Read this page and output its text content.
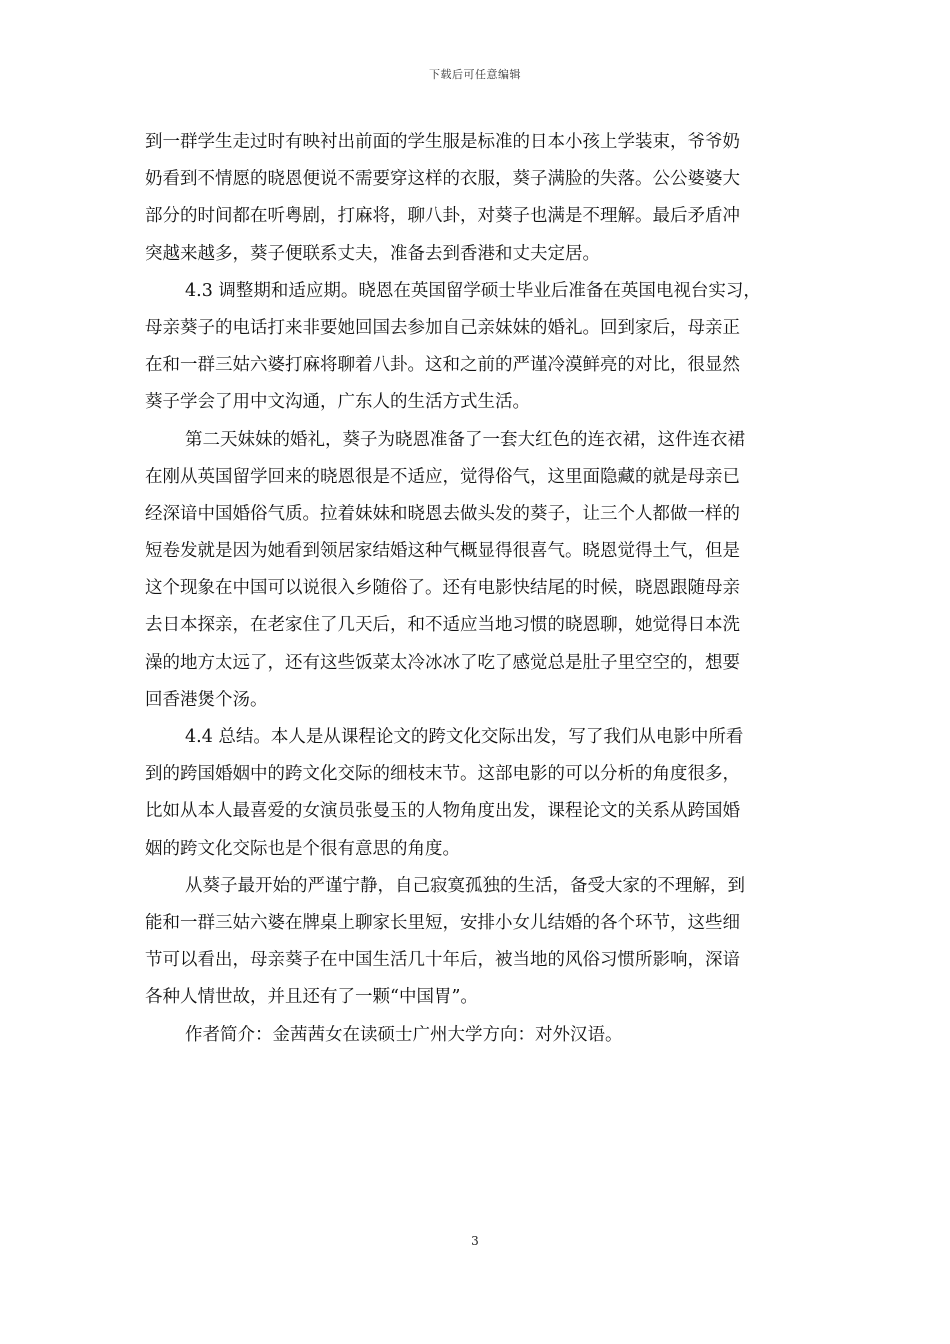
下载后可任意编辑
到一群学生走过时有映衬出前面的学生服是标准的日本小孩上学装束，爷爷奶
奶看到不情愿的晓恩便说不需要穿这样的衣服，葵子满脸的失落。公公婆婆大
部分的时间都在听粤剧，打麻将，聊八卦，对葵子也满是不理解。最后矛盾冲
突越来越多，葵子便联系丈夫，准备去到香港和丈夫定居。
4.3 调整期和适应期。晓恩在英国留学硕士毕业后准备在英国电视台实习，
母亲葵子的电话打来非要她回国去参加自己亲妹妹的婚礼。回到家后，母亲正
在和一群三姑六婆打麻将聊着八卦。这和之前的严谨冷漠鲜亮的对比，很显然
葵子学会了用中文沟通，广东人的生活方式生活。
第二天妹妹的婚礼，葵子为晓恩准备了一套大红色的连衣裙，这件连衣裙
在刚从英国留学回来的晓恩很是不适应，觉得俗气，这里面隐藏的就是母亲已
经深谙中国婚俗气质。拉着妹妹和晓恩去做头发的葵子，让三个人都做一样的
短卷发就是因为她看到领居家结婚这种气概显得很喜气。晓恩觉得土气，但是
这个现象在中国可以说很入乡随俗了。还有电影快结尾的时候，晓恩跟随母亲
去日本探亲，在老家住了几天后，和不适应当地习惯的晓恩聊，她觉得日本洗
澡的地方太远了，还有这些饭菜太冷冰冰了吃了感觉总是肚子里空空的，想要
回香港煲个汤。
4.4 总结。本人是从课程论文的跨文化交际出发，写了我们从电影中所看
到的跨国婚姻中的跨文化交际的细枝末节。这部电影的可以分析的角度很多，
比如从本人最喜爱的女演员张曼玉的人物角度出发，课程论文的关系从跨国婚
姻的跨文化交际也是个很有意思的角度。
从葵子最开始的严谨宁静，自己寂寞孤独的生活，备受大家的不理解，到
能和一群三姑六婆在牌桌上聊家长里短，安排小女儿结婚的各个环节，这些细
节可以看出，母亲葵子在中国生活几十年后，被当地的风俗习惯所影响，深谙
各种人情世故，并且还有了一颗“中国胃”。
作者简介：金茜茜女在读硕士广州大学方向：对外汉语。
3
